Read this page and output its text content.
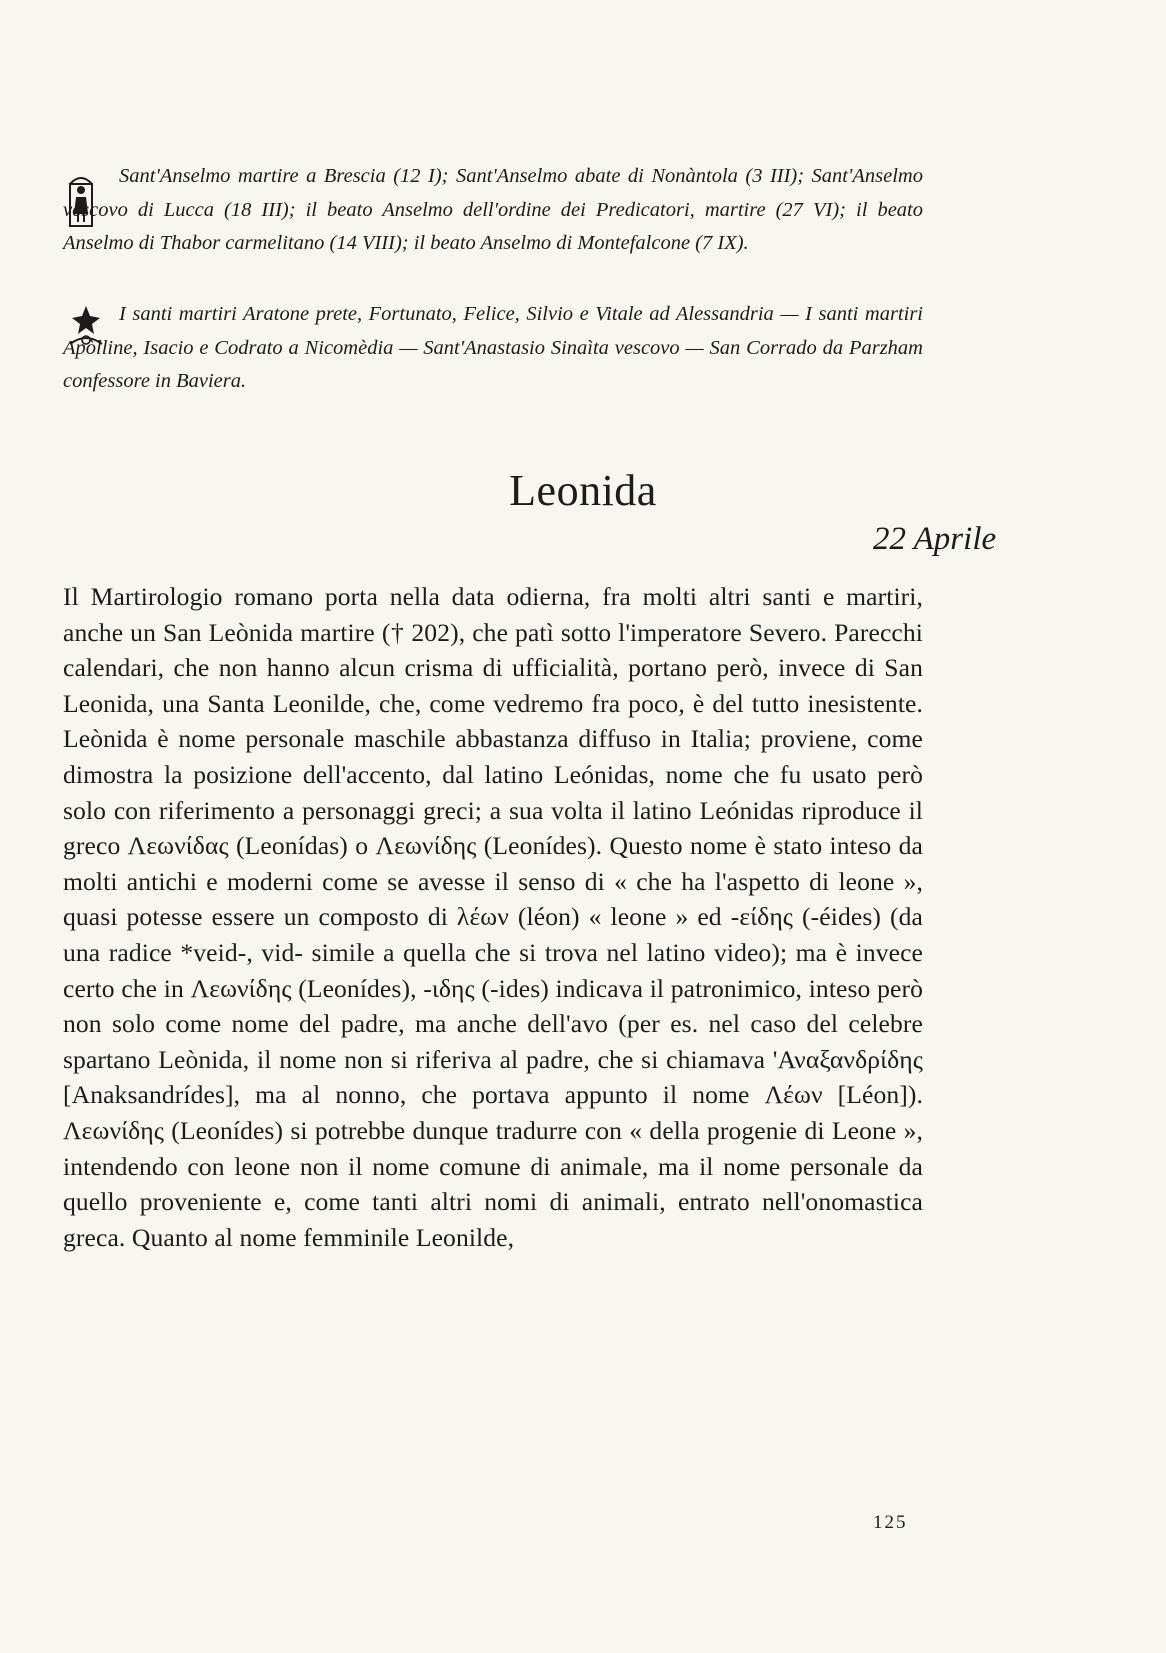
Sant'Anselmo martire a Brescia (12 I); Sant'Anselmo abate di Nonàntola (3 III); Sant'Anselmo vescovo di Lucca (18 III); il beato Anselmo dell'ordine dei Predicatori, martire (27 VI); il beato Anselmo di Thabor carmelitano (14 VIII); il beato Anselmo di Montefalcone (7 IX).

I santi martiri Aratone prete, Fortunato, Felice, Silvio e Vitale ad Alessandria — I santi martiri Apòlline, Isacio e Codrato a Nicomèdia — Sant'Anastasio Sinaìta vescovo — San Corrado da Parzham confessore in Baviera.

Leonida
22 Aprile

Il Martirologio romano porta nella data odierna, fra molti altri santi e martiri, anche un San Leònida martire († 202), che patì sotto l'imperatore Severo. Parecchi calendari, che non hanno alcun crisma di ufficialità, portano però, invece di San Leonida, una Santa Leonilde, che, come vedremo fra poco, è del tutto inesistente. Leònida è nome personale maschile abbastanza diffuso in Italia; proviene, come dimostra la posizione dell'accento, dal latino Leónidas, nome che fu usato però solo con riferimento a personaggi greci; a sua volta il latino Leónidas riproduce il greco Λεωνίδας (Leonídas) o Λεωνίδης (Leonídes). Questo nome è stato inteso da molti antichi e moderni come se avesse il senso di « che ha l'aspetto di leone », quasi potesse essere un composto di λέων (léon) « leone » ed -είδης (-éides) (da una radice *veid-, vid- simile a quella che si trova nel latino video); ma è invece certo che in Λεωνίδης (Leonídes), -ιδης (-ides) indicava il patronimico, inteso però non solo come nome del padre, ma anche dell'avo (per es. nel caso del celebre spartano Leònida, il nome non si riferiva al padre, che si chiamava 'Αναξανδρίδης [Anaksandrídes], ma al nonno, che portava appunto il nome Λέων [Léon]). Λεωνίδης (Leonídes) si potrebbe dunque tradurre con « della progenie di Leone », intendendo con leone non il nome comune di animale, ma il nome personale da quello proveniente e, come tanti altri nomi di animali, entrato nell'onomastica greca. Quanto al nome femminile Leonilde,

125
